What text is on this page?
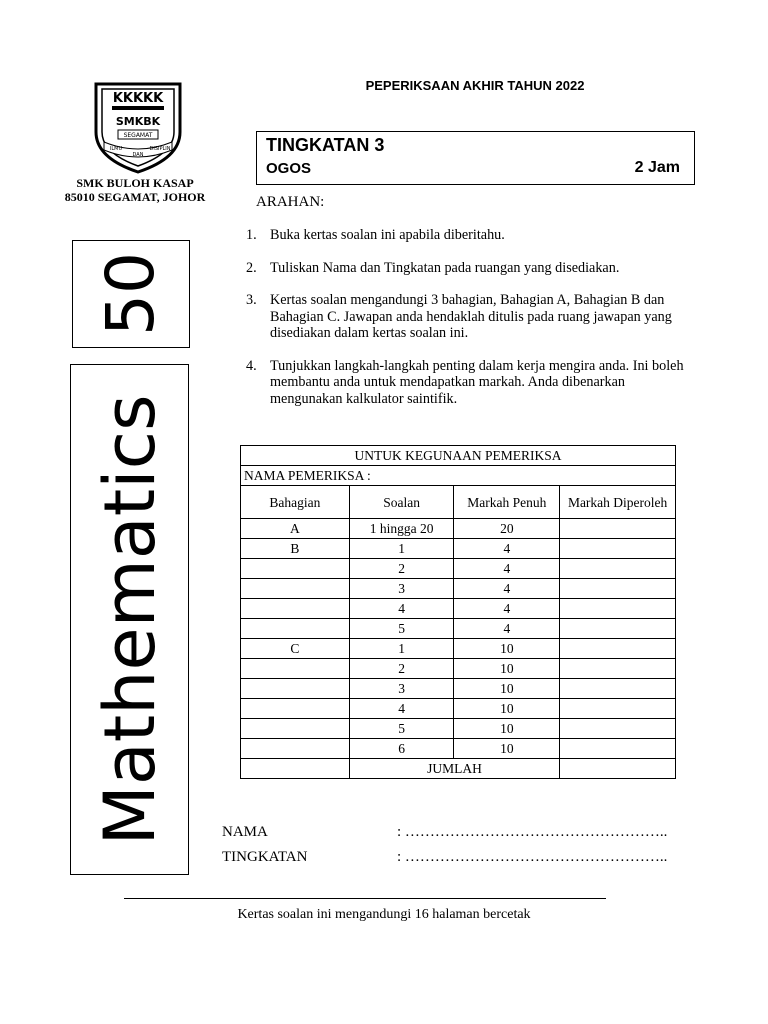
KKKKK
SMKBK
SEGAMAT
ILMU
DAN
DISIPLIN
SMK BULOH KASAP
85010 SEGAMAT, JOHOR
PEPERIKSAAN AKHIR TAHUN 2022
TINGKATAN 3
OGOS	2 Jam
50
Mathematics
ARAHAN:
1. Buka kertas soalan ini apabila diberitahu.
2. Tuliskan Nama dan Tingkatan pada ruangan yang disediakan.
3. Kertas soalan mengandungi 3 bahagian, Bahagian A, Bahagian B dan Bahagian C. Jawapan anda hendaklah ditulis pada ruang jawapan yang disediakan dalam kertas soalan ini.
4. Tunjukkan langkah-langkah penting dalam kerja mengira anda. Ini boleh membantu anda untuk mendapatkan markah. Anda dibenarkan mengunakan kalkulator saintifik.
UNTUK KEGUNAAN PEMERIKSA			
NAMA PEMERIKSA :			
Bahagian	Soalan	Markah Penuh	Markah Diperoleh
A	1 hingga 20	20	
B	1	4	
	2	4	
	3	4	
	4	4	
	5	4	
C	1	10	
	2	10	
	3	10	
	4	10	
	5	10	
	6	10	
	JUMLAH		
NAMA	: ……………………………………………..
TINGKATAN	: ……………………………………………..
Kertas soalan ini mengandungi 16 halaman bercetak
